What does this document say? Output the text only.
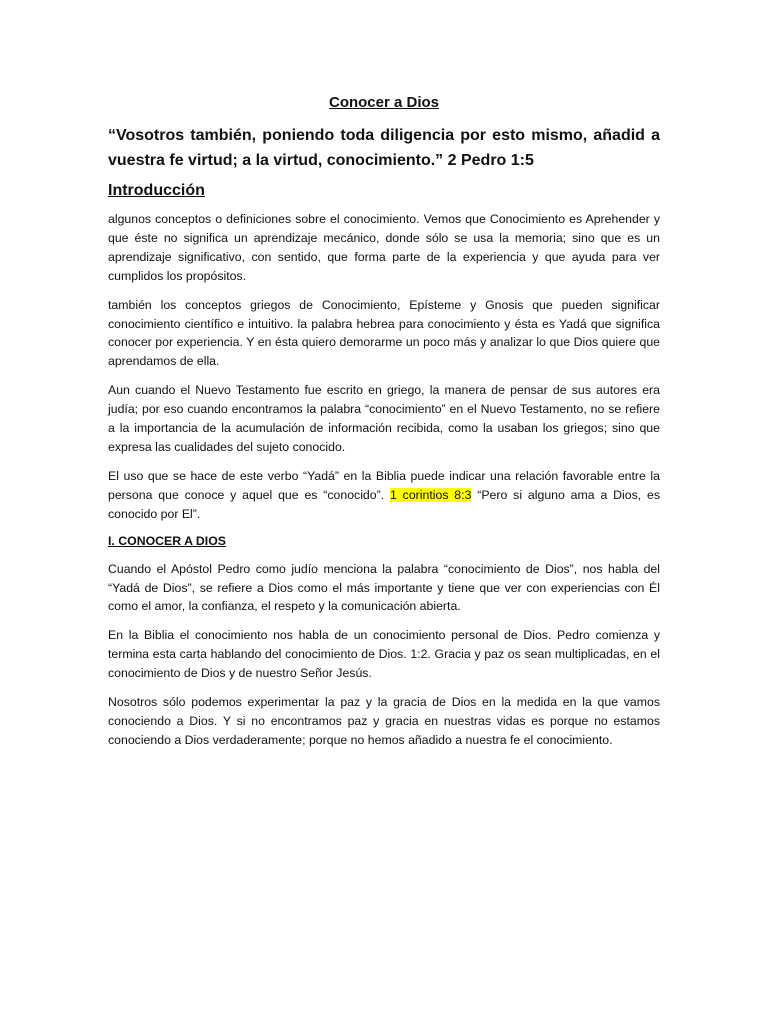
Conocer a Dios
“Vosotros también, poniendo toda diligencia por esto mismo, añadid a vuestra fe virtud; a la virtud, conocimiento.” 2 Pedro 1:5
Introducción

algunos conceptos o definiciones sobre el conocimiento. Vemos que Conocimiento es Aprehender y que éste no significa un aprendizaje mecánico, donde sólo se usa la memoria; sino que es un aprendizaje significativo, con sentido, que forma parte de la experiencia y que ayuda para ver cumplidos los propósitos.

también los conceptos griegos de Conocimiento, Epísteme y Gnosis que pueden significar conocimiento científico e intuitivo. la palabra hebrea para conocimiento y ésta es Yadá que significa conocer por experiencia. Y en ésta quiero demorarme un poco más y analizar lo que Dios quiere que aprendamos de ella.

Aun cuando el Nuevo Testamento fue escrito en griego, la manera de pensar de sus autores era judía; por eso cuando encontramos la palabra “conocimiento” en el Nuevo Testamento, no se refiere a la importancia de la acumulación de información recibida, como la usaban los griegos; sino que expresa las cualidades del sujeto conocido.

El uso que se hace de este verbo “Yadá” en la Biblia puede indicar una relación favorable entre la persona que conoce y aquel que es “conocido”. 1 corintios 8:3 “Pero si alguno ama a Dios, es conocido por El”.

I. CONOCER A DIOS

Cuando el Apóstol Pedro como judío menciona la palabra “conocimiento de Dios”, nos habla del “Yadá de Dios”, se refiere a Dios como el más importante y tiene que ver con experiencias con Él como el amor, la confianza, el respeto y la comunicación abierta.

En la Biblia el conocimiento nos habla de un conocimiento personal de Dios. Pedro comienza y termina esta carta hablando del conocimiento de Dios. 1:2. Gracia y paz os sean multiplicadas, en el conocimiento de Dios y de nuestro Señor Jesús.

Nosotros sólo podemos experimentar la paz y la gracia de Dios en la medida en la que vamos conociendo a Dios. Y si no encontramos paz y gracia en nuestras vidas es porque no estamos conociendo a Dios verdaderamente; porque no hemos añadido a nuestra fe el conocimiento.
